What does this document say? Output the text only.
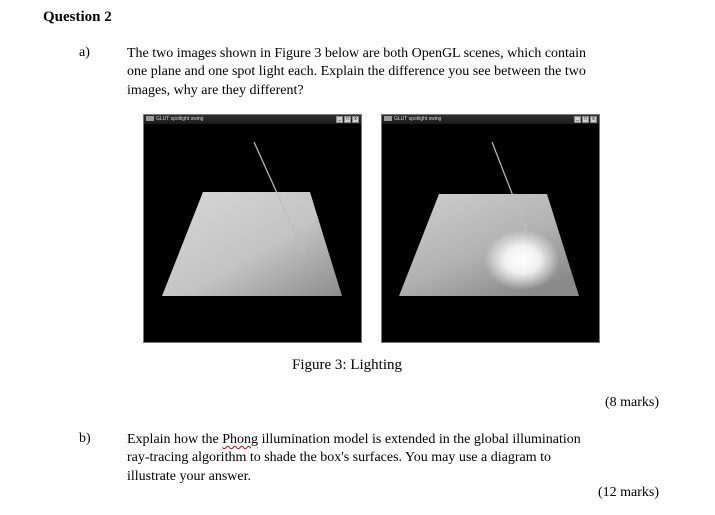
Question 2
a)	The two images shown in Figure 3 below are both OpenGL scenes, which contain
one plane and one spot light each. Explain the difference you see between the two
images, why are they different?
GLUT spotlight swing	_	□	x	GLUT spotlight swing	_	□	x
Figure 3: Lighting
(8 marks)
b)	Explain how the Phong illumination model is extended in the global illumination
ray-tracing algorithm to shade the box's surfaces. You may use a diagram to
illustrate your answer.
(12 marks)
